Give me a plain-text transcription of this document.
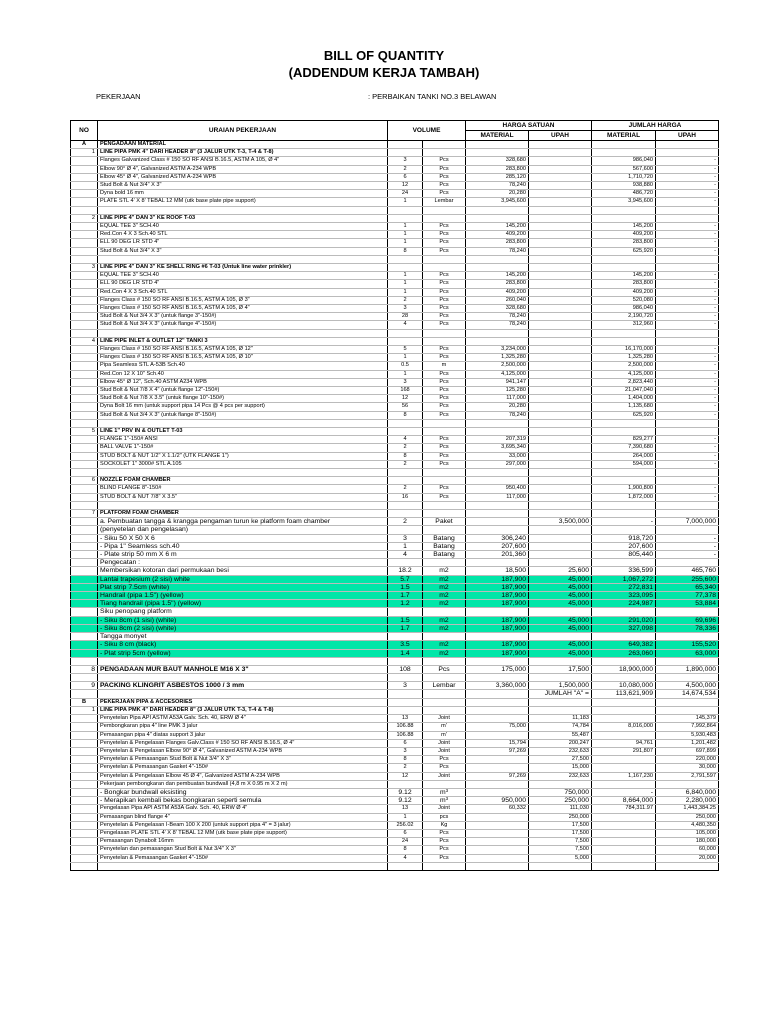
BILL OF QUANTITY
(ADDENDUM KERJA TAMBAH)
PEKERJAAN	: PERBAIKAN TANKI NO.3 BELAWAN
NO	URAIAN PEKERJAAN	VOLUME		HARGA SATUAN		JUMLAH HARGA	
				MATERIAL	UPAH	MATERIAL	UPAH
A	PENGADAAN MATERIAL						
1	LINE PIPA PMK 4" DARI HEADER 8" (3 JALUR UTK T-3, T-4 & T-8)						
	Flanges Galvanized Class # 150 SO RF ANSI B.16.5, ASTM A 105, Ø 4"	3	Pcs	328,680		986,040	-
	Elbow 90° Ø 4", Galvanized ASTM A-234 WPB	2	Pcs	283,800		567,600	-
	Elbow 45° Ø 4", Galvanized ASTM A-234 WPB	6	Pcs	285,120		1,710,720	-
	Stud Bolt & Nut 3/4" X 3"	12	Pcs	78,240		938,880	-
	Dyna bold 16 mm	24	Pcs	20,280		486,720	-
	PLATE STL 4' X 8' TEBAL 12 MM (utk base plate pipe support)	1	Lembar	3,945,600		3,945,600	-

2	LINE PIPE 4" DAN 3" KE ROOF T-03						
	EQUAL TEE 3" SCH.40	1	Pcs	145,200		145,200	-
	Red.Con 4 X 3 Sch.40 STL	1	Pcs	409,200		409,200	-
	ELL 90 DEG LR STD 4"	1	Pcs	283,800		283,800	-
	Stud Bolt & Nut 3/4" X 3"	8	Pcs	78,240		625,920	-

3	LINE PIPE 4" DAN 3" KE SHELL RING #6 T-03 (Untuk line water prinkler)						
	EQUAL TEE 3" SCH.40	1	Pcs	145,200		145,200	-
	ELL 90 DEG LR STD 4"	1	Pcs	283,800		283,800	-
	Red.Con 4 X 3 Sch.40 STL	1	Pcs	409,200		409,200	-
	Flanges Class # 150 SO RF ANSI B.16.5, ASTM A 105, Ø 3"	2	Pcs	260,040		520,080	-
	Flanges Class # 150 SO RF ANSI B.16.5, ASTM A 105, Ø 4"	3	Pcs	328,680		986,040	-
	Stud Bolt & Nut 3/4 X 3" (untuk flange 3"-150#)	28	Pcs	78,240		2,190,720	-
	Stud Bolt & Nut 3/4 X 3" (untuk flange 4"-150#)	4	Pcs	78,240		312,960	-

4	LINE PIPE INLET & OUTLET 12" TANKI 3						
	Flanges Class # 150 SO RF ANSI B.16.5, ASTM A 105, Ø 12"	5	Pcs	3,234,000		16,170,000	-
	Flanges Class # 150 SO RF ANSI B.16.5, ASTM A 105, Ø 10"	1	Pcs	1,325,280		1,325,280	-
	Pipa Seamless STL A-53B Sch.40	0.5	m	2,500,000		2,500,000	-
	Red.Con 12 X 10" Sch.40	1	Pcs	4,125,000		4,125,000	-
	Elbow 45° Ø 12", Sch.40 ASTM A234 WPB	3	Pcs	941,147		2,823,440	-
	Stud Bolt & Nut 7/8 X 4" (untuk flange 12"-150#)	168	Pcs	125,280		21,047,040	-
	Stud Bolt & Nut 7/8 X 3.5" (untuk flange 10"-150#)	12	Pcs	117,000		1,404,000	-
	Dyna Bolt 16 mm (untuk support pipa 14 Pcs @ 4 pcs per support)	56	Pcs	20,280		1,135,680	-
	Stud Bolt & Nut 3/4 X 3" (untuk flange 8"-150#)	8	Pcs	78,240		625,920	-

5	LINE 1" PRV IN & OUTLET T-03						
	FLANGE 1"-150# ANSI	4	Pcs	207,319		829,277	-
	BALL VALVE 1"-150#	2	Pcs	3,695,340		7,390,680	-
	STUD BOLT & NUT 1/2" X 1.1/2" (UTK FLANGE 1")	8	Pcs	33,000		264,000	-
	SOCKOLET 1" 3000# STL A.105	2	Pcs	297,000		594,000	-

6	NOZZLE FOAM CHAMBER						
	BLIND FLANGE 8"-150#	2	Pcs	950,400		1,900,800	-
	STUD BOLT & NUT 7/8" X 3.5"	16	Pcs	117,000		1,872,000	-

7	PLATFORM FOAM CHAMBER						
	a. Pembuatan tangga & krangga pengaman turun ke platform foam chamber	2	Paket		3,500,000	-	7,000,000
	(penyetelan dan pengelasan)						
	- Siku 50 X 50 X 6	3	Batang	306,240		918,720	-
	- Pipa 1" Seamless sch.40	1	Batang	207,600		207,600	-
	- Plate strip 50 mm X 6 m	4	Batang	201,360		805,440	-
	Pengecatan :						
	Membersikan kotoran dari permukaan besi	18.2	m2	18,500	25,600	336,599	465,760
	Lantai trapesium (2 sisi) white	5.7	m2	187,900	45,000	1,067,272	255,600
	Plat strip 7.5cm (white)	1.5	m2	187,900	45,000	272,831	65,340
	Handrail (pipa 1.5") (yellow)	1.7	m2	187,900	45,000	323,095	77,378
	Tiang handrail (pipa 1.5") (yellow)	1.2	m2	187,900	45,000	224,987	53,884
	Siku penopang platform						
	- Siku 8cm (1 sisi) (white)	1.5	m2	187,900	45,000	291,020	69,696
	- Siku 8cm (2 sisi) (white)	1.7	m2	187,900	45,000	327,098	78,336
	Tangga monyet						
	- Siku 8 cm (black)	3.5	m2	187,900	45,000	649,382	155,520
	- Plat strip 5cm (yellow)	1.4	m2	187,900	45,000	263,060	63,000

8	PENGADAAN MUR BAUT MANHOLE M16 X 3"	108	Pcs	175,000	17,500	18,900,000	1,890,000

9	PACKING KLINGRIT ASBESTOS 1000 / 3 mm	3	Lembar	3,360,000	1,500,000	10,080,000	4,500,000
					JUMLAH "A" =	113,621,909	14,674,534
B	PEKERJAAN PIPA & ACCESORIES						
1	LINE PIPA PMK 4" DARI HEADER 8" (3 JALUR UTK T-3, T-4 & T-8)						
	Penyetelan Pipa API ASTM A53A Galv. Sch. 40, ERW Ø 4"	13	Joint		11,183		145,379
	Pembongkaran pipa 4" line PMK 3 jalur	106.88	m'	75,000	74,784	8,016,000	7,992,864
	Pemasangan pipa 4" diatas support 3 jalur	106.88	m'		55,487		5,930,483
	Penyetelan & Pengelasan Flanges Galv.Class # 150 SO RF ANSI B.16.5, Ø 4"	6	Joint	15,794	200,247	94,761	1,201,482
	Penyetelan & Pengelasan Elbow 90° Ø 4", Galvanized ASTM A-234 WPB	3	Joint	97,269	232,633	291,807	697,899
	Penyetelan & Pemasangan Stud Bolt & Nut 3/4" X 3"	8	Pcs		27,500		220,000
	Penyetelan & Pemasangan Gasket 4"-150#	2	Pcs		15,000		30,000
	Penyetelan & Pengelasan Elbow 45 Ø 4", Galvanized ASTM A-234 WPB	12	Joint	97,269	232,633	1,167,230	2,791,597
	Pekerjaan pembongkaran dan pembuatan bundwall (4,8 m X 0.95 m X 2 m)						
	- Bongkar bundwall eksisting	9.12	m³		750,000	-	6,840,000
	- Merapikan kembali bekas bongkaran seperti semula	9.12	m³	950,000	250,000	8,664,000	2,280,000
	Pengelasan Pipa API ASTM A53A Galv. Sch. 40, ERW Ø 4"	13	Joint	60,332	111,030	784,311.97	1,443,384.25
	Pemasangan blind flange 4"	1	pcs		250,000		250,000
	Penyetelan & Pengelasan I-Beam 100 X 200 (untuk support pipa 4" = 3 jalur)	256.02	Kg		17,500		4,480,350
	Pengelasan PLATE STL 4' X 8' TEBAL 12 MM (utk base plate pipe support)	6	Pcs		17,500		105,000
	Pemasangan Dynabolt 16mm	24	Pcs		7,500		180,000
	Penyetelan dan pemasangan Stud Bolt & Nut 3/4" X 3"	8	Pcs		7,500		60,000
	Penyetelan & Pemasangan Gasket 4"-150#	4	Pcs		5,000		20,000
